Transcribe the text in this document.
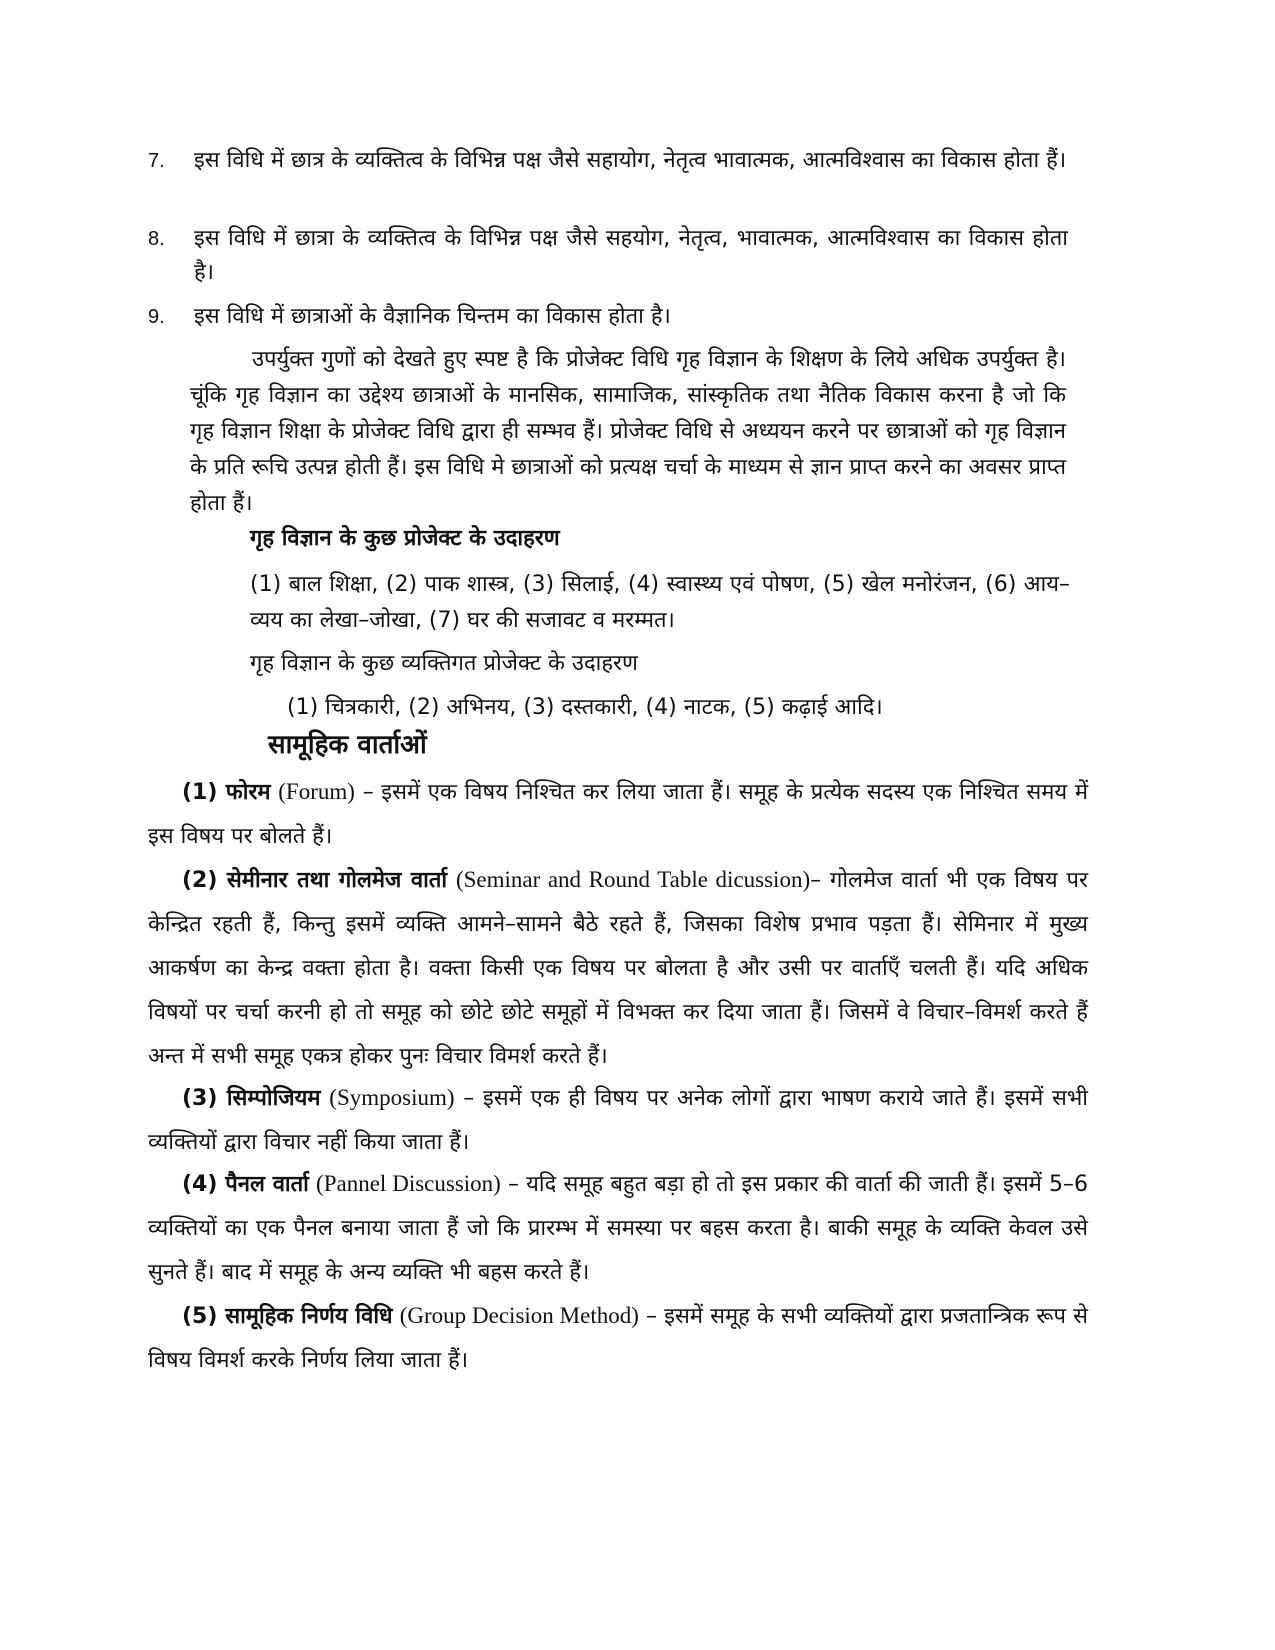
7. इस विधि में छात्र के व्यक्तित्व के विभिन्न पक्ष जैसे सहायोग, नेतृत्व भावात्मक, आत्मविश्वास का विकास होता हैं।
8. इस विधि में छात्रा के व्यक्तित्व के विभिन्न पक्ष जैसे सहयोग, नेतृत्व, भावात्मक, आत्मविश्वास का विकास होता है।
9. इस विधि में छात्राओं के वैज्ञानिक चिन्तम का विकास होता है।

उपर्युक्त गुणों को देखते हुए स्पष्ट है कि प्रोजेक्ट विधि गृह विज्ञान के शिक्षण के लिये अधिक उपर्युक्त है। चूंकि गृह विज्ञान का उद्देश्य छात्राओं के मानसिक, सामाजिक, सांस्कृतिक तथा नैतिक विकास करना है जो कि गृह विज्ञान शिक्षा के प्रोजेक्ट विधि द्वारा ही सम्भव हैं। प्रोजेक्ट विधि से अध्ययन करने पर छात्राओं को गृह विज्ञान के प्रति रूचि उत्पन्न होती हैं। इस विधि मे छात्राओं को प्रत्यक्ष चर्चा के माध्यम से ज्ञान प्राप्त करने का अवसर प्राप्त होता हैं।

गृह विज्ञान के कुछ प्रोजेक्ट के उदाहरण

(1) बाल शिक्षा, (2) पाक शास्त्र, (3) सिलाई, (4) स्वास्थ्य एवं पोषण, (5) खेल मनोरंजन, (6) आय–व्यय का लेखा–जोखा, (7) घर की सजावट व मरम्मत।

गृह विज्ञान के कुछ व्यक्तिगत प्रोजेक्ट के उदाहरण
(1) चित्रकारी, (2) अभिनय, (3) दस्तकारी, (4) नाटक, (5) कढ़ाई आदि।
सामूहिक वार्ताओं

(1) फोरम (Forum) – इसमें एक विषय निश्चित कर लिया जाता हैं। समूह के प्रत्येक सदस्य एक निश्चित समय में इस विषय पर बोलते हैं।

(2) सेमीनार तथा गोलमेज वार्ता (Seminar and Round Table dicussion)– गोलमेज वार्ता भी एक विषय पर केन्द्रित रहती हैं, किन्तु इसमें व्यक्ति आमने–सामने बैठे रहते हैं, जिसका विशेष प्रभाव पड़ता हैं। सेमिनार में मुख्य आकर्षण का केन्द्र वक्ता होता है। वक्ता किसी एक विषय पर बोलता है और उसी पर वार्ताएँ चलती हैं। यदि अधिक विषयों पर चर्चा करनी हो तो समूह को छोटे छोटे समूहों में विभक्त कर दिया जाता हैं। जिसमें वे विचार–विमर्श करते हैं अन्त में सभी समूह एकत्र होकर पुनः विचार विमर्श करते हैं।

(3) सिम्पोजियम (Symposium) – इसमें एक ही विषय पर अनेक लोगों द्वारा भाषण कराये जाते हैं। इसमें सभी व्यक्तियों द्वारा विचार नहीं किया जाता हैं।

(4) पैनल वार्ता (Pannel Discussion) – यदि समूह बहुत बड़ा हो तो इस प्रकार की वार्ता की जाती हैं। इसमें 5–6 व्यक्तियों का एक पैनल बनाया जाता हैं जो कि प्रारम्भ में समस्या पर बहस करता है। बाकी समूह के व्यक्ति केवल उसे सुनते हैं। बाद में समूह के अन्य व्यक्ति भी बहस करते हैं।

(5) सामूहिक निर्णय विधि (Group Decision Method) – इसमें समूह के सभी व्यक्तियों द्वारा प्रजतान्त्रिक रूप से विषय विमर्श करके निर्णय लिया जाता हैं।
